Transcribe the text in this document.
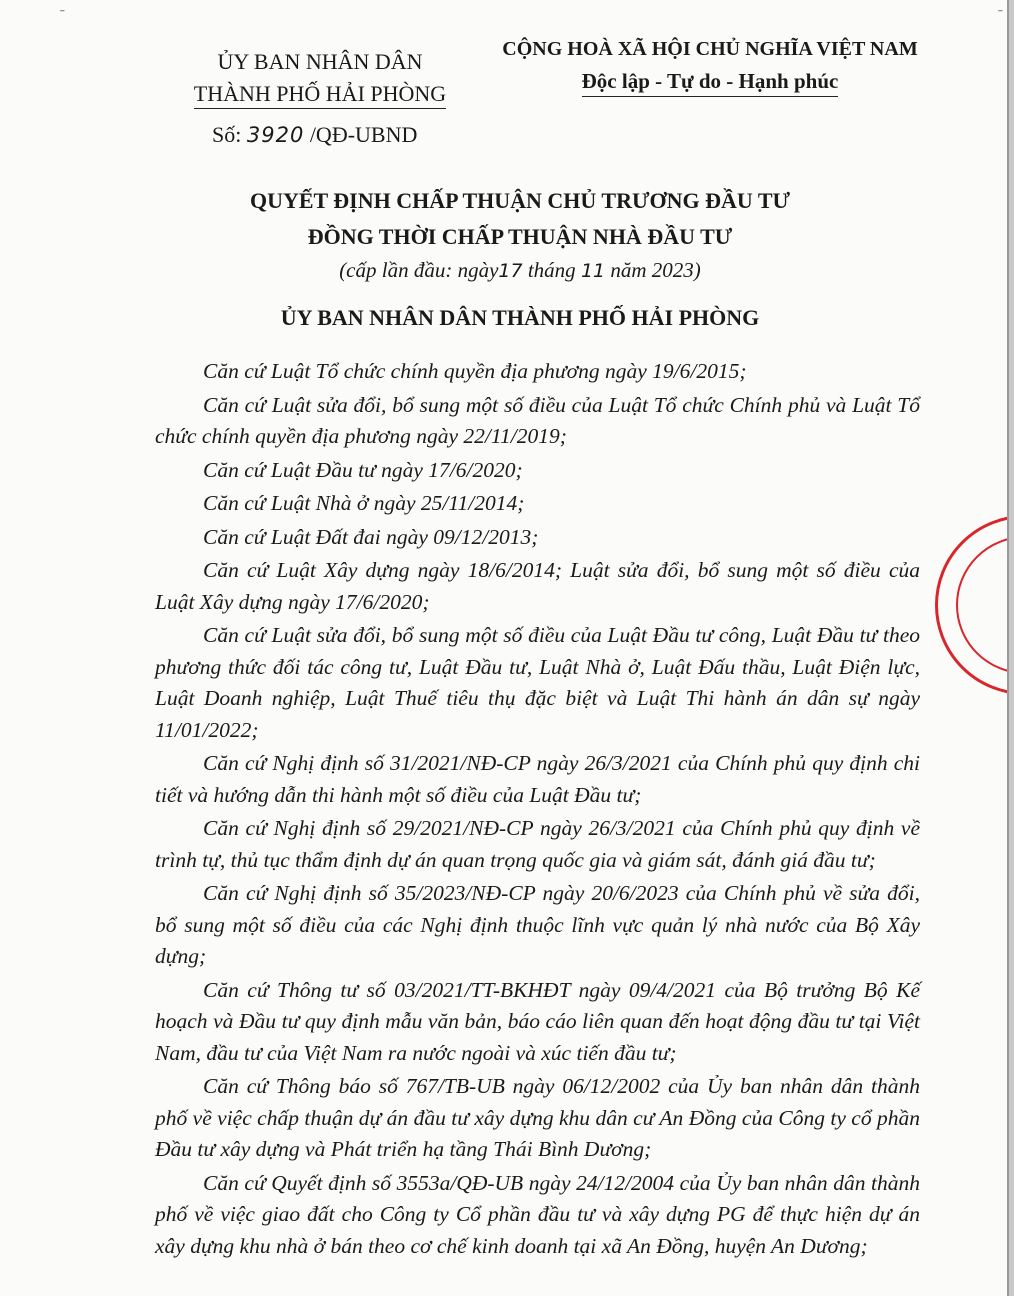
ˉ
ỦY BAN NHÂN DÂN
THÀNH PHỐ HẢI PHÒNG
Số: 3920 /QĐ-UBND
CỘNG HOÀ XÃ HỘI CHỦ NGHĨA VIỆT NAM
Độc lập - Tự do - Hạnh phúc
QUYẾT ĐỊNH CHẤP THUẬN CHỦ TRƯƠNG ĐẦU TƯ
ĐỒNG THỜI CHẤP THUẬN NHÀ ĐẦU TƯ
(cấp lần đầu: ngày17 tháng 11 năm 2023)
ỦY BAN NHÂN DÂN THÀNH PHỐ HẢI PHÒNG

Căn cứ Luật Tổ chức chính quyền địa phương ngày 19/6/2015;

Căn cứ Luật sửa đổi, bổ sung một số điều của Luật Tổ chức Chính phủ và Luật Tổ chức chính quyền địa phương ngày 22/11/2019;

Căn cứ Luật Đầu tư ngày 17/6/2020;

Căn cứ Luật Nhà ở ngày 25/11/2014;

Căn cứ Luật Đất đai ngày 09/12/2013;

Căn cứ Luật Xây dựng ngày 18/6/2014; Luật sửa đổi, bổ sung một số điều của Luật Xây dựng ngày 17/6/2020;

Căn cứ Luật sửa đổi, bổ sung một số điều của Luật Đầu tư công, Luật Đầu tư theo phương thức đối tác công tư, Luật Đầu tư, Luật Nhà ở, Luật Đấu thầu, Luật Điện lực, Luật Doanh nghiệp, Luật Thuế tiêu thụ đặc biệt và Luật Thi hành án dân sự ngày 11/01/2022;

Căn cứ Nghị định số 31/2021/NĐ-CP ngày 26/3/2021 của Chính phủ quy định chi tiết và hướng dẫn thi hành một số điều của Luật Đầu tư;

Căn cứ Nghị định số 29/2021/NĐ-CP ngày 26/3/2021 của Chính phủ quy định về trình tự, thủ tục thẩm định dự án quan trọng quốc gia và giám sát, đánh giá đầu tư;

Căn cứ Nghị định số 35/2023/NĐ-CP ngày 20/6/2023 của Chính phủ về sửa đổi, bổ sung một số điều của các Nghị định thuộc lĩnh vực quản lý nhà nước của Bộ Xây dựng;

Căn cứ Thông tư số 03/2021/TT-BKHĐT ngày 09/4/2021 của Bộ trưởng Bộ Kế hoạch và Đầu tư quy định mẫu văn bản, báo cáo liên quan đến hoạt động đầu tư tại Việt Nam, đầu tư của Việt Nam ra nước ngoài và xúc tiến đầu tư;

Căn cứ Thông báo số 767/TB-UB ngày 06/12/2002 của Ủy ban nhân dân thành phố về việc chấp thuận dự án đầu tư xây dựng khu dân cư An Đồng của Công ty cổ phần Đầu tư xây dựng và Phát triển hạ tầng Thái Bình Dương;

Căn cứ Quyết định số 3553a/QĐ-UB ngày 24/12/2004 của Ủy ban nhân dân thành phố về việc giao đất cho Công ty Cổ phần đầu tư và xây dựng PG để thực hiện dự án xây dựng khu nhà ở bán theo cơ chế kinh doanh tại xã An Đồng, huyện An Dương;

ˉ
